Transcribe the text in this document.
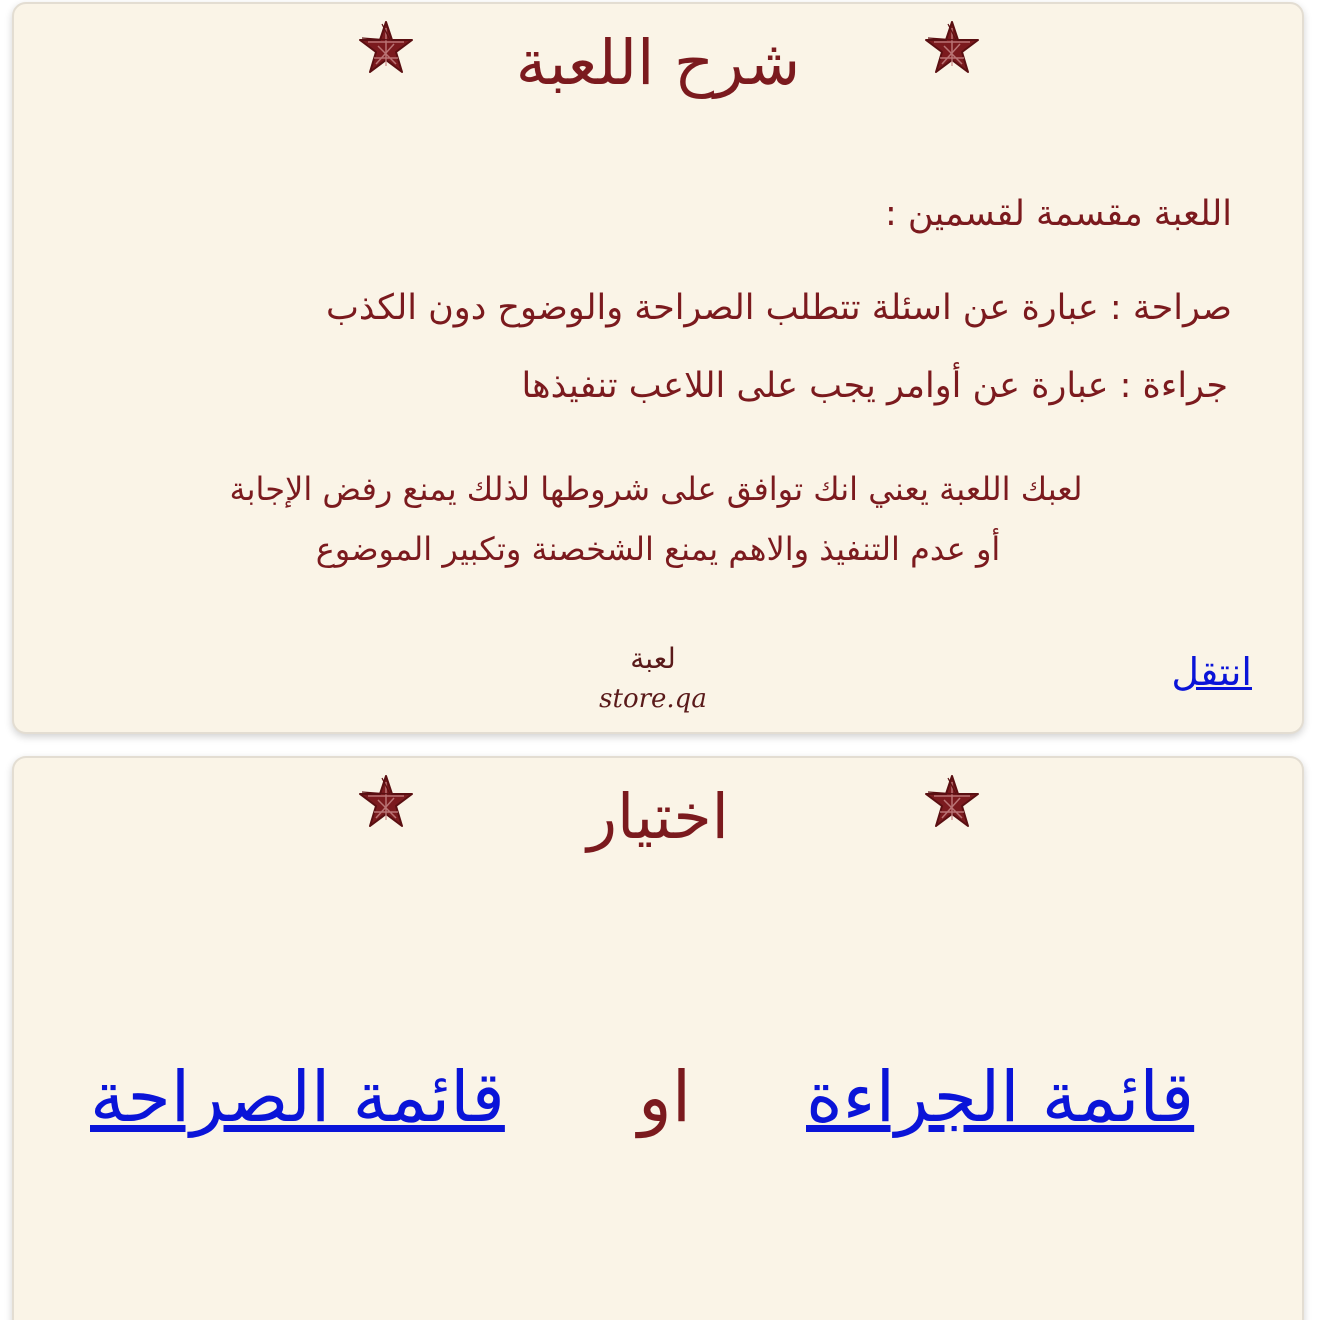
شرح اللعبة
اللعبة مقسمة لقسمين :
صراحة : عبارة عن اسئلة تتطلب الصراحة والوضوح دون الكذب
جراءة : عبارة عن أوامر يجب على اللاعب تنفيذها
لعبك اللعبة يعني انك توافق على شروطها لذلك يمنع رفض الإجابة
أو عدم التنفيذ والاهم يمنع الشخصنة وتكبير الموضوع
لعبة
store.qa
انتقل
اختيار
قائمة الصراحة او قائمة الجراءة
